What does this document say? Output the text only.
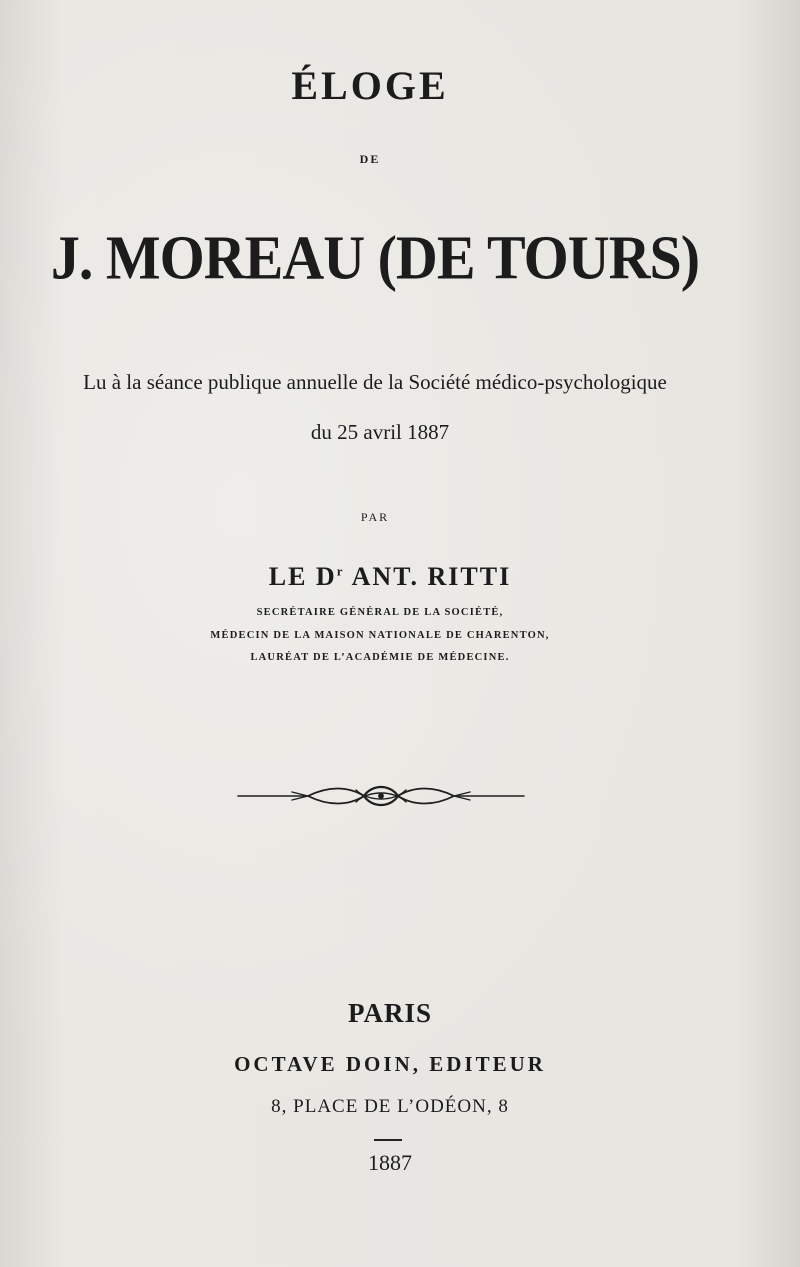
ÉLOGE
DE
J. MOREAU (DE TOURS)
Lu à la séance publique annuelle de la Société médico-psychologique
du 25 avril 1887
PAR
LE $D^r$ ANT. RITTI
SECRÉTAIRE GÉNÉRAL DE LA SOCIÉTÉ,
MÉDECIN DE LA MAISON NATIONALE DE CHARENTON,
LAURÉAT DE L’ACADÉMIE DE MÉDECINE.
PARIS
OCTAVE DOIN, EDITEUR
8, PLACE DE L’ODÉON, 8
1887
